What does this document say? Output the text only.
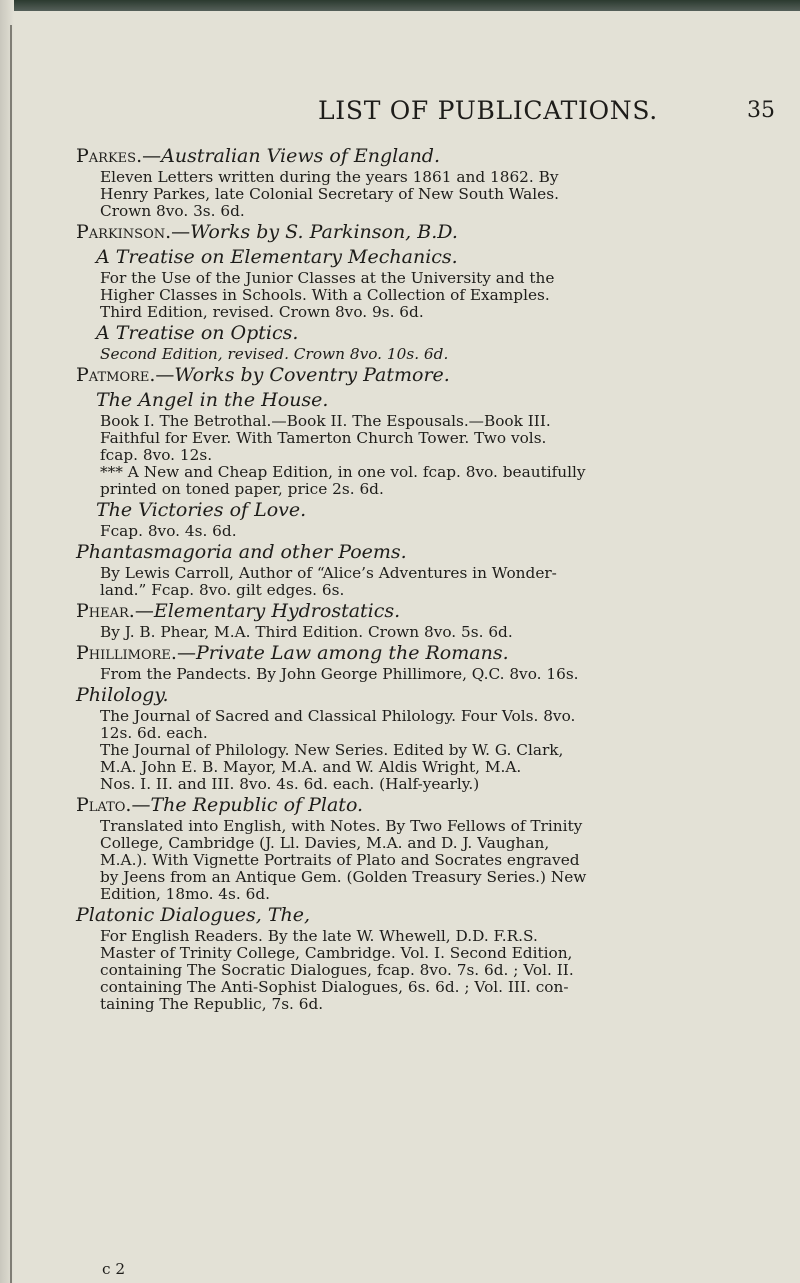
LIST OF PUBLICATIONS.	35

Parkes.—Australian Views of England.

Eleven Letters written during the years 1861 and 1862. By
Henry Parkes, late Colonial Secretary of New South Wales.
Crown 8vo. 3s. 6d.

Parkinson.—Works by S. Parkinson, B.D.

A Treatise on Elementary Mechanics.

For the Use of the Junior Classes at the University and the
Higher Classes in Schools. With a Collection of Examples.
Third Edition, revised. Crown 8vo. 9s. 6d.

A Treatise on Optics.

Second Edition, revised. Crown 8vo. 10s. 6d.

Patmore.—Works by Coventry Patmore.

The Angel in the House.

Book I. The Betrothal.—Book II. The Espousals.—Book III.
Faithful for Ever. With Tamerton Church Tower. Two vols.
fcap. 8vo. 12s.
*** A New and Cheap Edition, in one vol. fcap. 8vo. beautifully
printed on toned paper, price 2s. 6d.

The Victories of Love.

Fcap. 8vo. 4s. 6d.

Phantasmagoria and other Poems.

By Lewis Carroll, Author of “Alice’s Adventures in Wonder-
land.” Fcap. 8vo. gilt edges. 6s.

Phear.—Elementary Hydrostatics.

By J. B. Phear, M.A. Third Edition. Crown 8vo. 5s. 6d.

Phillimore.—Private Law among the Romans.

From the Pandects. By John George Phillimore, Q.C. 8vo. 16s.

Philology.

The Journal of Sacred and Classical Philology. Four Vols. 8vo.
12s. 6d. each.
The Journal of Philology. New Series. Edited by W. G. Clark,
M.A. John E. B. Mayor, M.A. and W. Aldis Wright, M.A.
Nos. I. II. and III. 8vo. 4s. 6d. each. (Half-yearly.)

Plato.—The Republic of Plato.

Translated into English, with Notes. By Two Fellows of Trinity
College, Cambridge (J. Ll. Davies, M.A. and D. J. Vaughan,
M.A.). With Vignette Portraits of Plato and Socrates engraved
by Jeens from an Antique Gem. (Golden Treasury Series.) New
Edition, 18mo. 4s. 6d.

Platonic Dialogues, The,

For English Readers. By the late W. Whewell, D.D. F.R.S.
Master of Trinity College, Cambridge. Vol. I. Second Edition,
containing The Socratic Dialogues, fcap. 8vo. 7s. 6d. ; Vol. II.
containing The Anti-Sophist Dialogues, 6s. 6d. ; Vol. III. con-
taining The Republic, 7s. 6d.
c 2
